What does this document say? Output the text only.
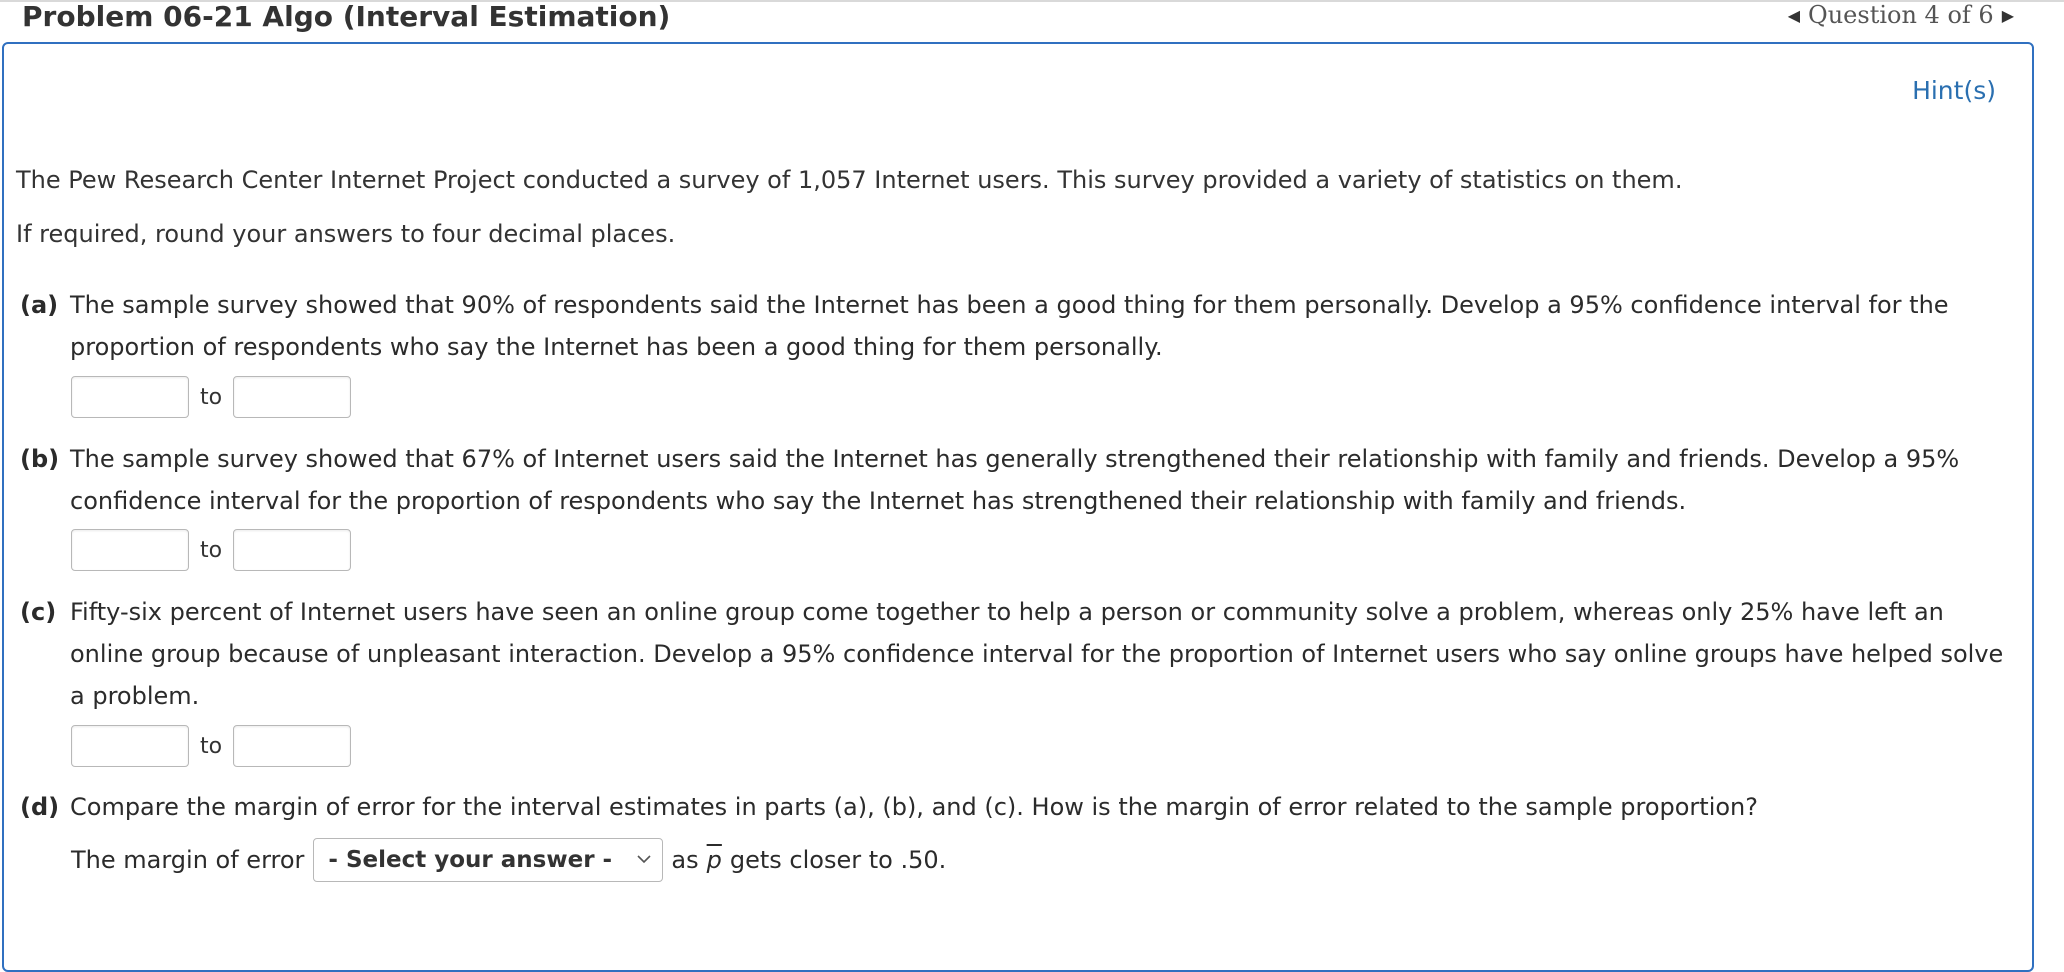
Problem 06-21 Algo (Interval Estimation)	◀ Question 4 of 6 ▶
Hint(s)
The Pew Research Center Internet Project conducted a survey of 1,057 Internet users. This survey provided a variety of statistics on them.
If required, round your answers to four decimal places.
(a) The sample survey showed that 90% of respondents said the Internet has been a good thing for them personally. Develop a 95% confidence interval for the proportion of respondents who say the Internet has been a good thing for them personally.
to
(b) The sample survey showed that 67% of Internet users said the Internet has generally strengthened their relationship with family and friends. Develop a 95% confidence interval for the proportion of respondents who say the Internet has strengthened their relationship with family and friends.
to
(c) Fifty-six percent of Internet users have seen an online group come together to help a person or community solve a problem, whereas only 25% have left an online group because of unpleasant interaction. Develop a 95% confidence interval for the proportion of Internet users who say online groups have helped solve a problem.
to
(d) Compare the margin of error for the interval estimates in parts (a), (b), and (c). How is the margin of error related to the sample proportion?
The margin of error - Select your answer - as $\overline{p}$ gets closer to .50.
